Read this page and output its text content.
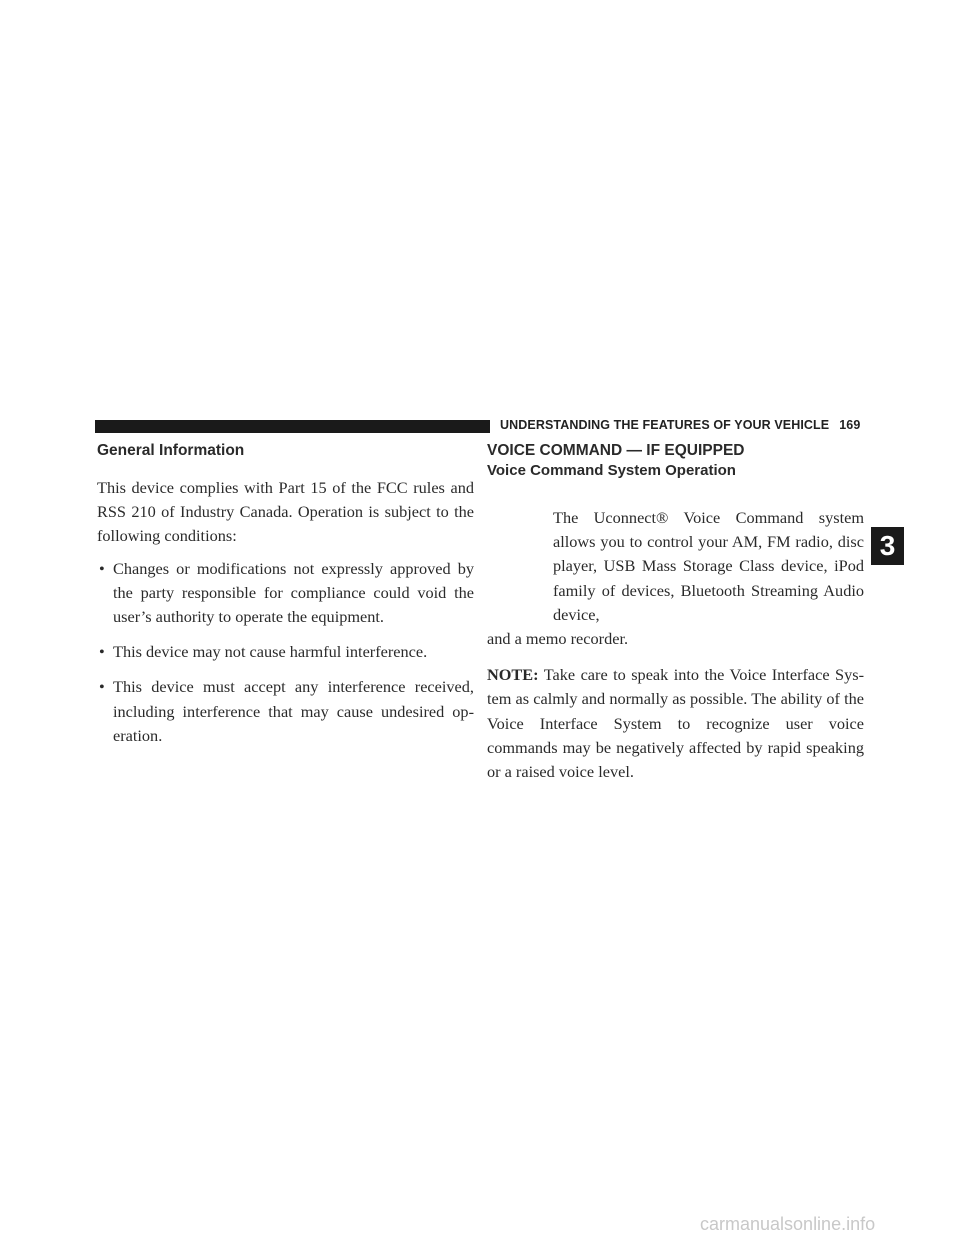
UNDERSTANDING THE FEATURES OF YOUR VEHICLE 169
General Information

This device complies with Part 15 of the FCC rules and RSS 210 of Industry Canada. Operation is subject to the following conditions:

• Changes or modifications not expressly approved by the party responsible for compliance could void the user’s authority to operate the equipment.
• This device may not cause harmful interference.
• This device must accept any interference received, including interference that may cause undesired op-eration.
VOICE COMMAND — IF EQUIPPED
Voice Command System Operation

The Uconnect® Voice Command system allows you to control your AM, FM radio, disc player, USB Mass Storage Class device, iPod family of devices, Bluetooth Streaming Audio device,

and a memo recorder.

NOTE: Take care to speak into the Voice Interface Sys-tem as calmly and normally as possible. The ability of the Voice Interface System to recognize user voice commands may be negatively affected by rapid speaking or a raised voice level.

3
carmanualsonline.info
